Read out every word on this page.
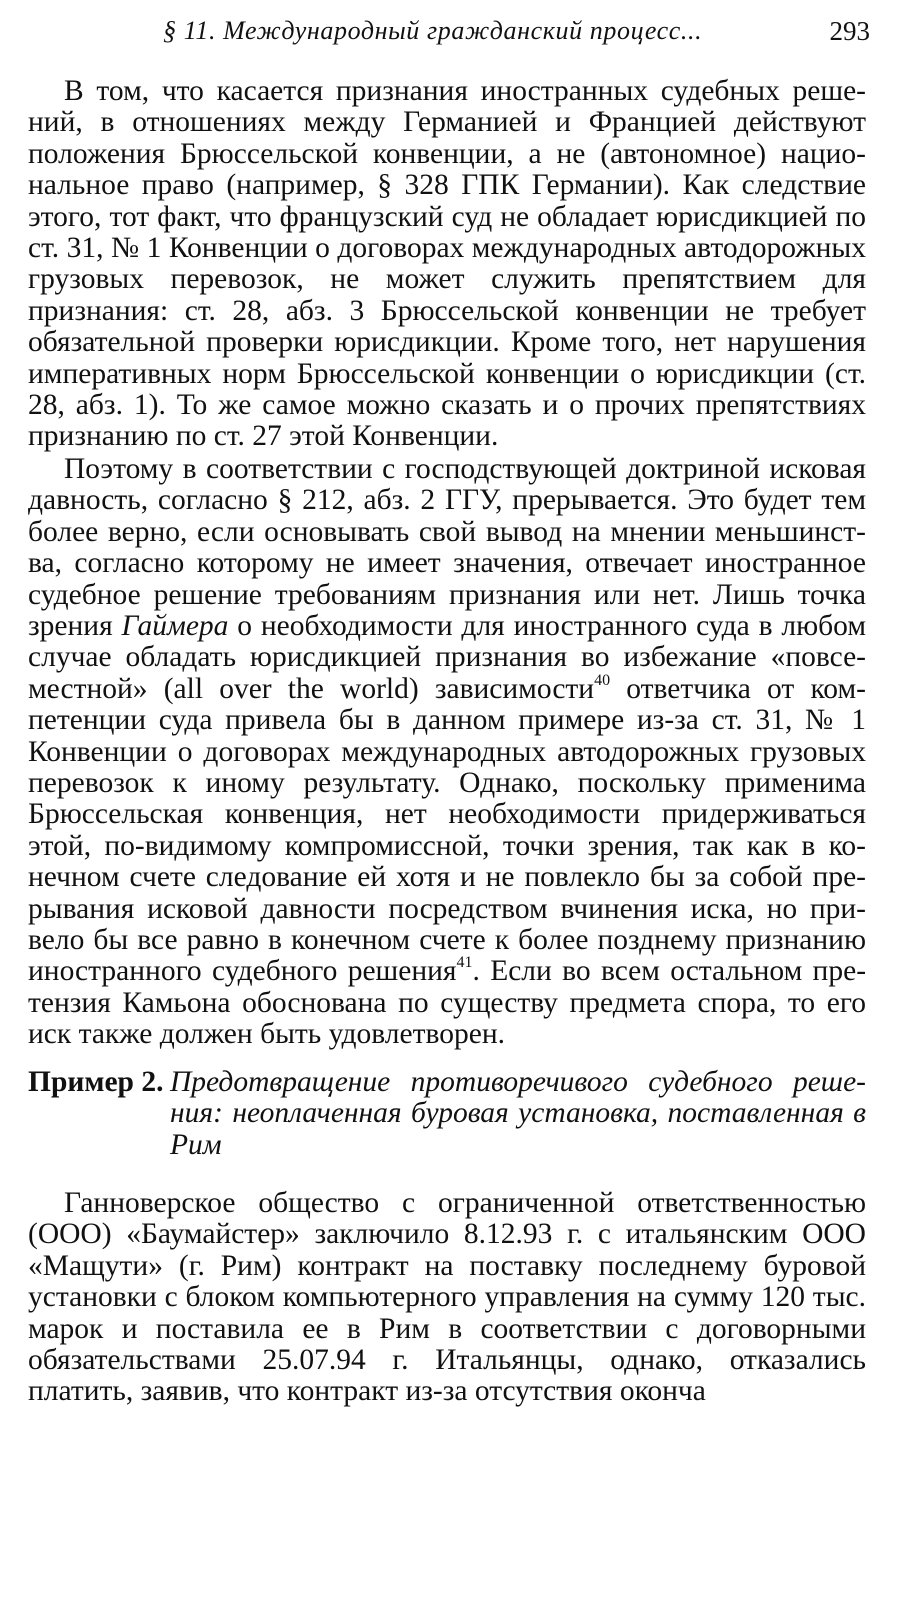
§ 11. Международный гражданский процесс...	293

В том, что касается признания иностранных судебных решений, в отношениях между Германией и Францией действуют положения Брюссельской конвенции, а не (автономное) национальное право (например, § 328 ГПК Германии). Как следствие этого, тот факт, что французский суд не обладает юрисдикцией по ст. 31, № 1 Конвенции о договорах международных автодорожных грузовых перевозок, не может служить препятствием для признания: ст. 28, абз. 3 Брюссельской конвенции не требует обязательной проверки юрисдикции. Кроме того, нет нарушения императивных норм Брюссельской конвенции о юрисдикции (ст. 28, абз. 1). То же самое можно сказать и о прочих препятствиях признанию по ст. 27 этой Конвенции.

Поэтому в соответствии с господствующей доктриной исковая давность, согласно § 212, абз. 2 ГГУ, прерывается. Это будет тем более верно, если основывать свой вывод на мнении меньшинства, согласно которому не имеет значения, отвечает иностранное судебное решение требованиям признания или нет. Лишь точка зрения Гаймера о необходимости для иностранного суда в любом случае обладать юрисдикцией признания во избежание «повсеместной» (all over the world) зависимости$^{40}$ ответчика от компетенции суда привела бы в данном примере из-за ст. 31, № 1 Конвенции о договорах международных автодорожных грузовых перевозок к иному результату. Однако, поскольку применима Брюссельская конвенция, нет необходимости придерживаться этой, по-видимому компромиссной, точки зрения, так как в конечном счете следование ей хотя и не повлекло бы за собой прерывания исковой давности посредством вчинения иска, но привело бы все равно в конечном счете к более позднему признанию иностранного судебного решения$^{41}$. Если во всем остальном претензия Камьона обоснована по существу предмета спора, то его иск также должен быть удовлетворен.

Пример 2. Предотвращение противоречивого судебного решения: неоплаченная буровая установка, поставленная в Рим

Ганноверское общество с ограниченной ответственностью (ООО) «Баумайстер» заключило 8.12.93 г. с итальянским ООО «Мащути» (г. Рим) контракт на поставку последнему буровой установки с блоком компьютерного управления на сумму 120 тыс. марок и поставила ее в Рим в соответствии с договорными обязательствами 25.07.94 г. Итальянцы, однако, отказались платить, заявив, что контракт из-за отсутствия оконча
